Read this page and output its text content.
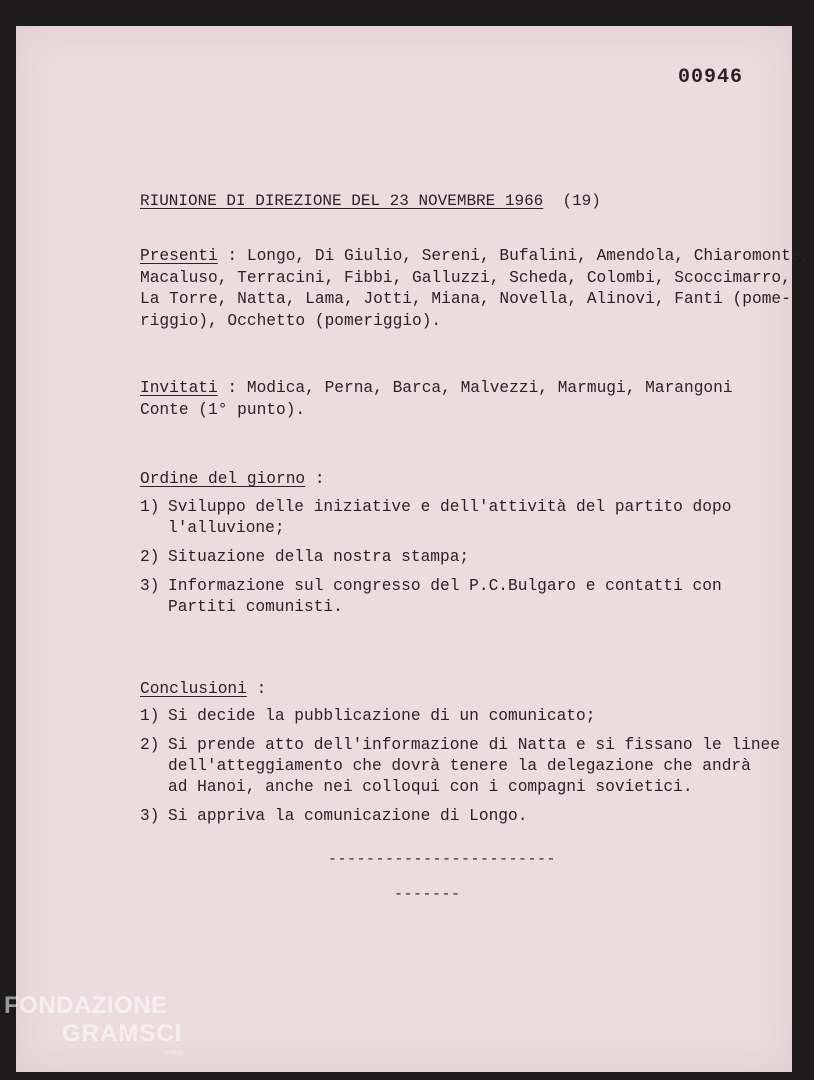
00946
RIUNIONE DI DIREZIONE DEL 23 NOVEMBRE 1966 (19)
Presenti : Longo, Di Giulio, Sereni, Bufalini, Amendola, Chiaromonte,
Macaluso, Terracini, Fibbi, Galluzzi, Scheda, Colombi, Scoccimarro,
La Torre, Natta, Lama, Jotti, Miana, Novella, Alinovi, Fanti (pome-
riggio), Occhetto (pomeriggio).
Invitati : Modica, Perna, Barca, Malvezzi, Marmugi, Marangoni
Conte (1° punto).
Ordine del giorno :
1) Sviluppo delle iniziative e dell'attività del partito dopo
l'alluvione;
2) Situazione della nostra stampa;
3) Informazione sul congresso del P.C.Bulgaro e contatti con
Partiti comunisti.
Conclusioni :
1) Si decide la pubblicazione di un comunicato;
2) Si prende atto dell'informazione di Natta e si fissano le linee
dell'atteggiamento che dovrà tenere la delegazione che andrà
ad Hanoi, anche nei colloqui con i compagni sovietici.
3) Si appriva la comunicazione di Longo.
------------------------
-------
FONDAZIONE
GRAMSCI
onlus
